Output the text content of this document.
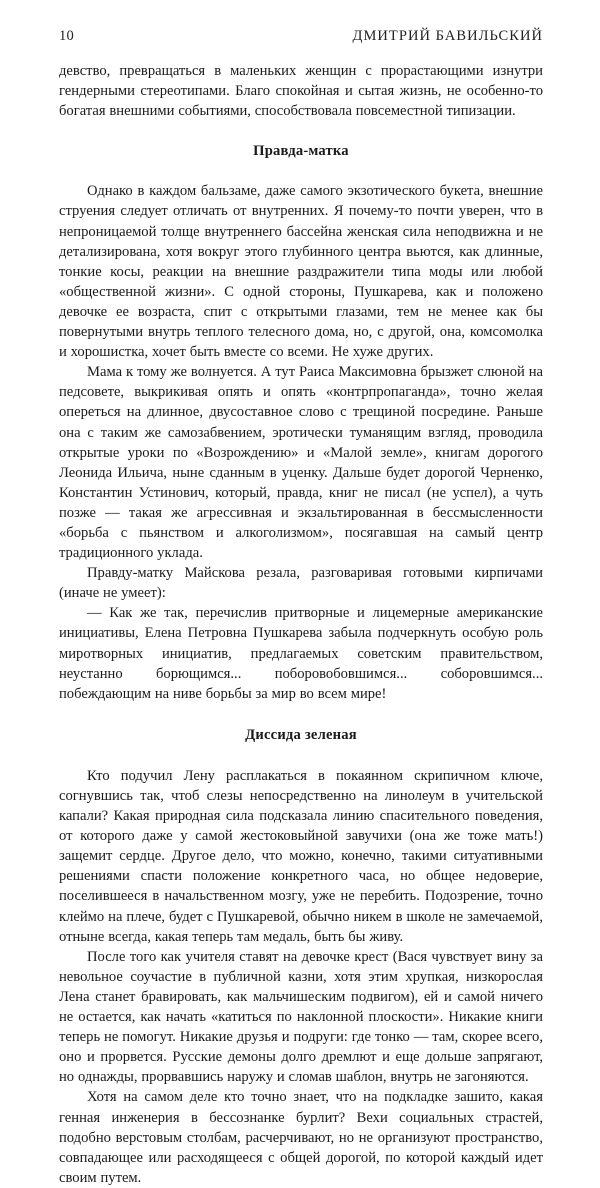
10	ДМИТРИЙ БАВИЛЬСКИЙ

девство, превращаться в маленьких женщин с прорастающими изнутри гендерными стереотипами. Благо спокойная и сытая жизнь, не особенно-то богатая внешними событиями, способствовала повсеместной типизации.

Правда-матка

Однако в каждом бальзаме, даже самого экзотического букета, внешние струения следует отличать от внутренних. Я почему-то почти уверен, что в непроницаемой толще внутреннего бассейна женская сила неподвижна и не детализирована, хотя вокруг этого глубинного центра вьются, как длинные, тонкие косы, реакции на внешние раздражители типа моды или любой «общественной жизни». С одной стороны, Пушкарева, как и положено девочке ее возраста, спит с открытыми глазами, тем не менее как бы повернутыми внутрь теплого телесного дома, но, с другой, она, комсомолка и хорошистка, хочет быть вместе со всеми. Не хуже других.

Мама к тому же волнуется. А тут Раиса Максимовна брызжет слюной на педсовете, выкрикивая опять и опять «контрпропаганда», точно желая опереться на длинное, двусоставное слово с трещиной посредине. Раньше она с таким же самозабвением, эротически туманящим взгляд, проводила открытые уроки по «Возрождению» и «Малой земле», книгам дорогого Леонида Ильича, ныне сданным в уценку. Дальше будет дорогой Черненко, Константин Устинович, который, правда, книг не писал (не успел), а чуть позже — такая же агрессивная и экзальтированная в бессмысленности «борьба с пьянством и алкоголизмом», посягавшая на самый центр традиционного уклада.

Правду-матку Майскова резала, разговаривая готовыми кирпичами (иначе не умеет):

— Как же так, перечислив притворные и лицемерные американские инициативы, Елена Петровна Пушкарева забыла подчеркнуть особую роль миротворных инициатив, предлагаемых советским правительством, неустанно борющимся... поборовобовшимся... соборовшимся... побеждающим на ниве борьбы за мир во всем мире!

Диссида зеленая

Кто подучил Лену расплакаться в покаянном скрипичном ключе, согнувшись так, чтоб слезы непосредственно на линолеум в учительской капали? Какая природная сила подсказала линию спасительного поведения, от которого даже у самой жестоковыйной завучихи (она же тоже мать!) защемит сердце. Другое дело, что можно, конечно, такими ситуативными решениями спасти положение конкретного часа, но общее недоверие, поселившееся в начальственном мозгу, уже не перебить. Подозрение, точно клеймо на плече, будет с Пушкаревой, обычно никем в школе не замечаемой, отныне всегда, какая теперь там медаль, быть бы живу.

После того как учителя ставят на девочке крест (Вася чувствует вину за невольное соучастие в публичной казни, хотя этим хрупкая, низкорослая Лена станет бравировать, как мальчишеским подвигом), ей и самой ничего не остается, как начать «катиться по наклонной плоскости». Никакие книги теперь не помогут. Никакие друзья и подруги: где тонко — там, скорее всего, оно и прорвется. Русские демоны долго дремлют и еще дольше запрягают, но однажды, прорвавшись наружу и сломав шаблон, внутрь не загоняются.

Хотя на самом деле кто точно знает, что на подкладке зашито, какая генная инженерия в бессознанке бурлит? Вехи социальных страстей, подобно верстовым столбам, расчерчивают, но не организуют пространство, совпадающее или расходящееся с общей дорогой, по которой каждый идет своим путем.
